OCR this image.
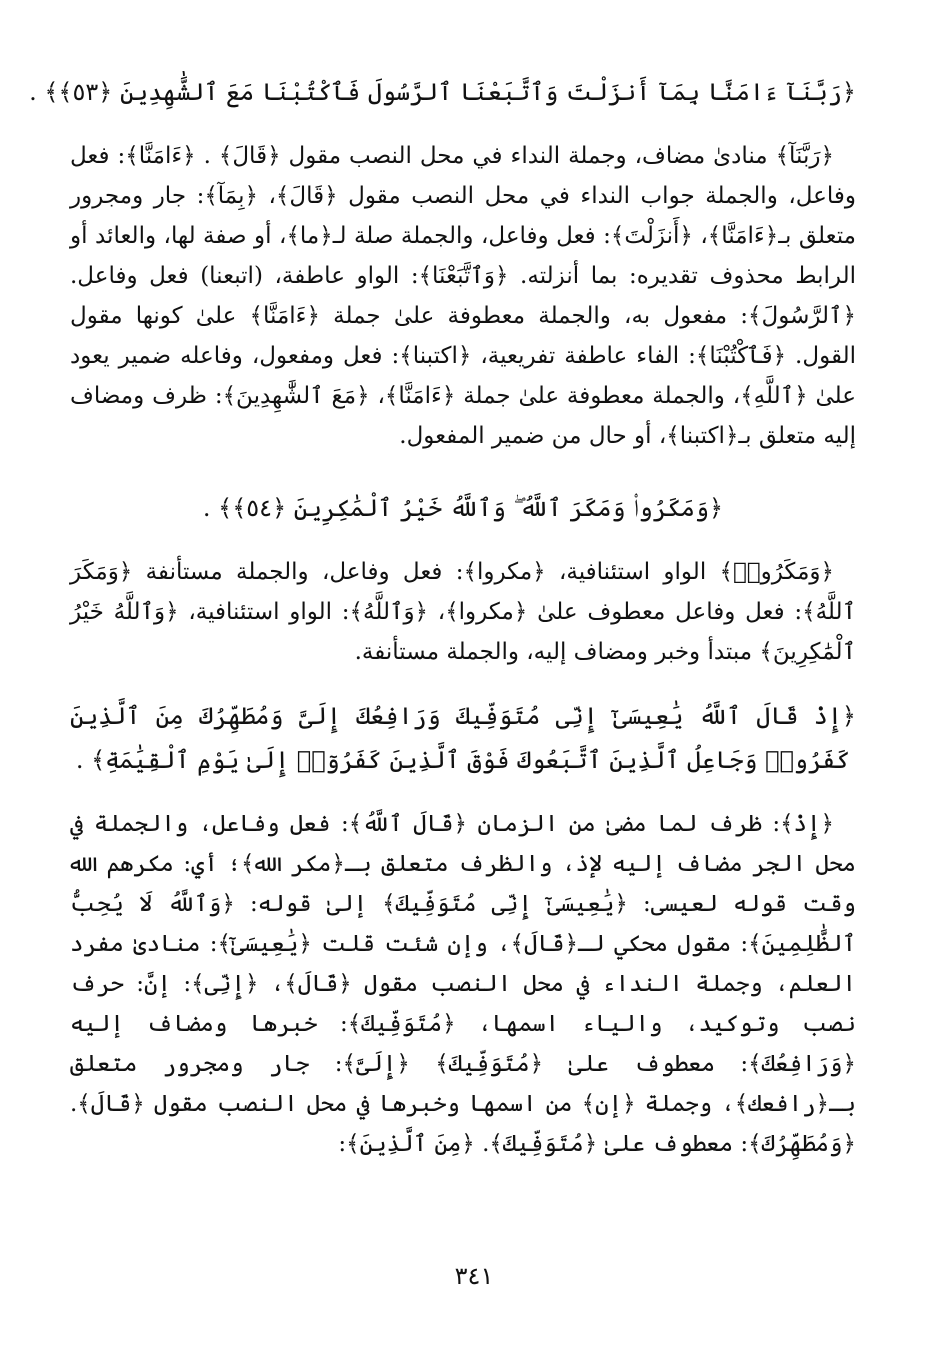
﴿رَبَّنَآ ءَامَنَّا بِمَآ أَنزَلْتَ وَٱتَّبَعْنَا ٱلرَّسُولَ فَٱكْتُبْنَا مَعَ ٱلشَّٰهِدِينَ ﴿٥٣﴾﴾ .

﴿رَبَّنَآ﴾ منادىٰ مضاف، وجملة النداء في محل النصب مقول ﴿قَالَ﴾ . ﴿ءَامَنَّا﴾: فعل وفاعل، والجملة جواب النداء في محل النصب مقول ﴿قَالَ﴾، ﴿بِمَآ﴾: جار ومجرور متعلق بـ﴿ءَامَنَّا﴾، ﴿أَنزَلْتَ﴾: فعل وفاعل، والجملة صلة لـ﴿ما﴾، أو صفة لها، والعائد أو الرابط محذوف تقديره: بما أنزلته. ﴿وَٱتَّبَعْنَا﴾: الواو عاطفة، (اتبعنا) فعل وفاعل. ﴿ٱلرَّسُولَ﴾: مفعول به، والجملة معطوفة علىٰ جملة ﴿ءَامَنَّا﴾ علىٰ كونها مقول القول. ﴿فَٱكْتُبْنَا﴾: الفاء عاطفة تفريعية، ﴿اكتبنا﴾: فعل ومفعول، وفاعله ضمير يعود علىٰ ﴿ٱللَّهِ﴾، والجملة معطوفة علىٰ جملة ﴿ءَامَنَّا﴾، ﴿مَعَ ٱلشَّٰهِدِينَ﴾: ظرف ومضاف إليه متعلق بـ﴿اكتبنا﴾، أو حال من ضمير المفعول.

﴿وَمَكَرُوا۟ وَمَكَرَ ٱللَّهُ ۖ وَٱللَّهُ خَيْرُ ٱلْمَٰكِرِينَ ﴿٥٤﴾﴾ .

﴿وَمَكَرُوا۟﴾ الواو استئنافية، ﴿مكروا﴾: فعل وفاعل، والجملة مستأنفة ﴿وَمَكَرَ ٱللَّهُ﴾: فعل وفاعل معطوف علىٰ ﴿مكروا﴾، ﴿وَٱللَّهُ﴾: الواو استئنافية، ﴿وَٱللَّهُ خَيْرُ ٱلْمَٰكِرِينَ﴾ مبتدأ وخبر ومضاف إليه، والجملة مستأنفة.

﴿إِذْ قَالَ ٱللَّهُ يَٰعِيسَىٰٓ إِنِّى مُتَوَفِّيكَ وَرَافِعُكَ إِلَىَّ وَمُطَهِّرُكَ مِنَ ٱلَّذِينَ كَفَرُوا۟ وَجَاعِلُ ٱلَّذِينَ ٱتَّبَعُوكَ فَوْقَ ٱلَّذِينَ كَفَرُوٓا۟ إِلَىٰ يَوْمِ ٱلْقِيَٰمَةِ﴾ .

﴿إِذْ﴾: ظرف لما مضىٰ من الزمان ﴿قَالَ ٱللَّهُ﴾: فعل وفاعل، والجملة في محل الجر مضاف إليه لإذ، والظرف متعلق بـ﴿مكر الله﴾؛ أي: مكرهم الله وقت قوله لعيسى: ﴿يَٰعِيسَىٰٓ إِنِّى مُتَوَفِّيكَ﴾ إلىٰ قوله: ﴿وَٱللَّهُ لَا يُحِبُّ ٱلظَّٰلِمِينَ﴾: مقول محكي لـ﴿قَالَ﴾، وإن شئت قلت ﴿يَٰعِيسَىٰٓ﴾: منادىٰ مفرد العلم، وجملة النداء في محل النصب مقول ﴿قَالَ﴾، ﴿إِنِّى﴾: إنَّ: حرف نصب وتوكيد، والياء اسمها، ﴿مُتَوَفِّيكَ﴾: خبرها ومضاف إليه ﴿وَرَافِعُكَ﴾: معطوف علىٰ ﴿مُتَوَفِّيكَ﴾ ﴿إِلَىَّ﴾: جار ومجرور متعلق بـ﴿رافعك﴾، وجملة ﴿إن﴾ من اسمها وخبرها في محل النصب مقول ﴿قَالَ﴾. ﴿وَمُطَهِّرُكَ﴾: معطوف علىٰ ﴿مُتَوَفِّيكَ﴾. ﴿مِنَ ٱلَّذِينَ﴾:

٣٤١
